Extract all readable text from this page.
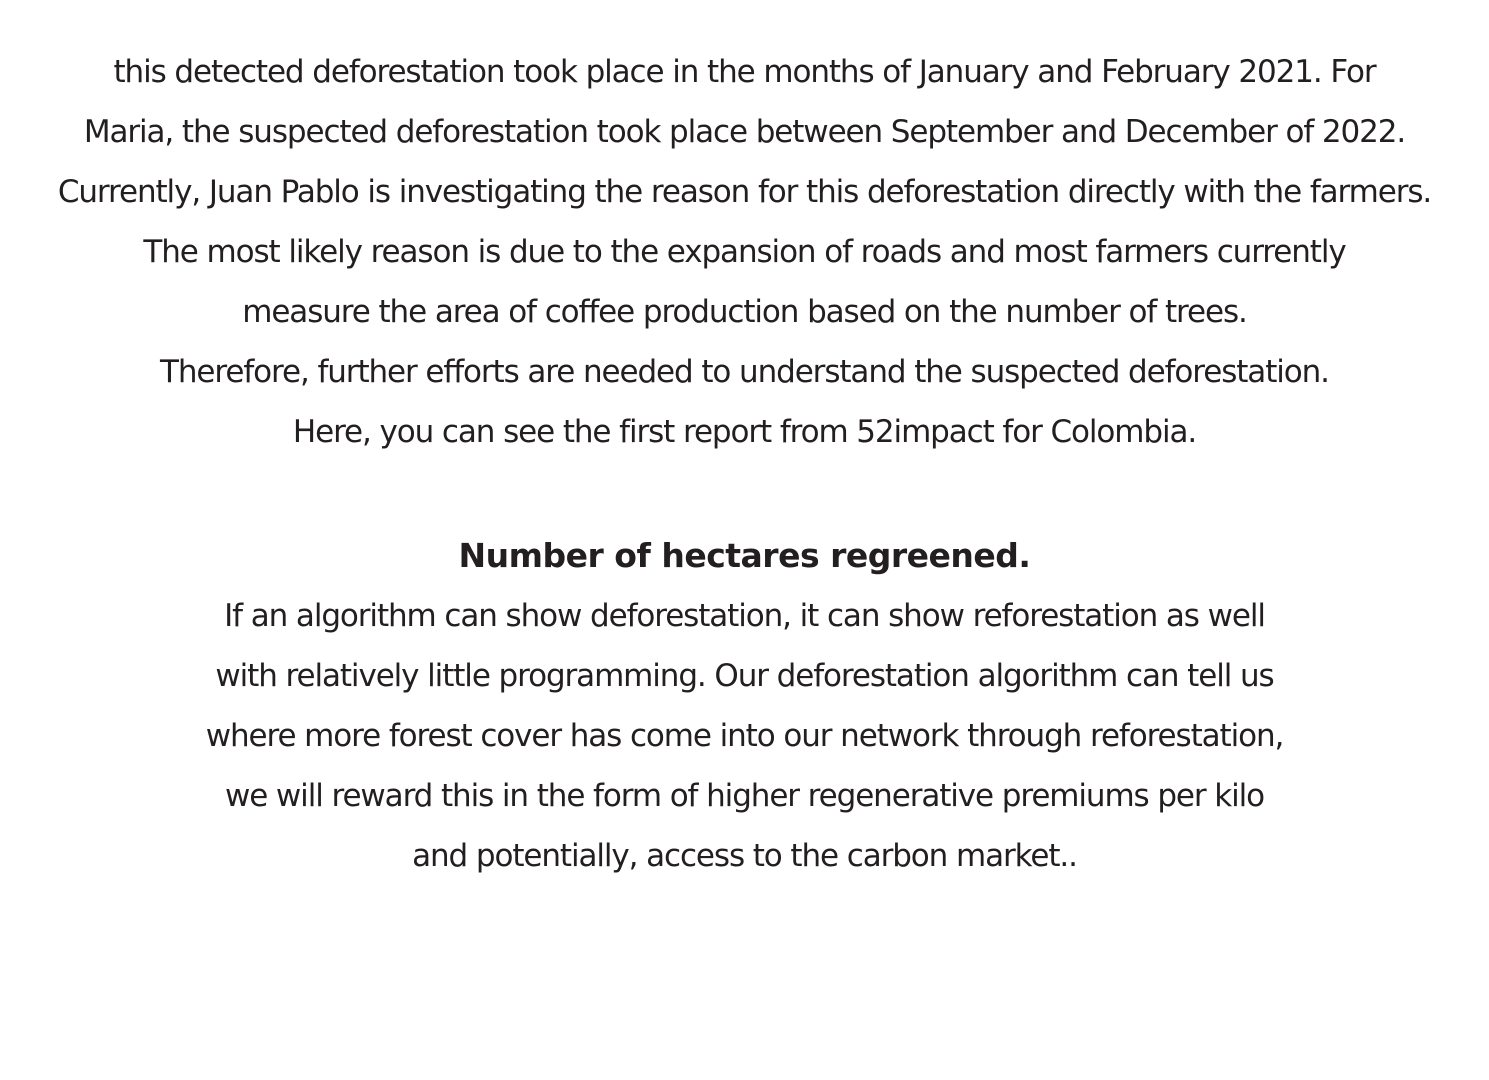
this detected deforestation took place in the months of January and February 2021. For
Maria, the suspected deforestation took place between September and December of 2022.
Currently, Juan Pablo is investigating the reason for this deforestation directly with the farmers.
The most likely reason is due to the expansion of roads and most farmers currently
measure the area of coffee production based on the number of trees.
Therefore, further efforts are needed to understand the suspected deforestation.
Here, you can see the first report from 52impact for Colombia.
Number of hectares regreened.
If an algorithm can show deforestation, it can show reforestation as well
with relatively little programming. Our deforestation algorithm can tell us
where more forest cover has come into our network through reforestation,
we will reward this in the form of higher regenerative premiums per kilo
and potentially, access to the carbon market..
